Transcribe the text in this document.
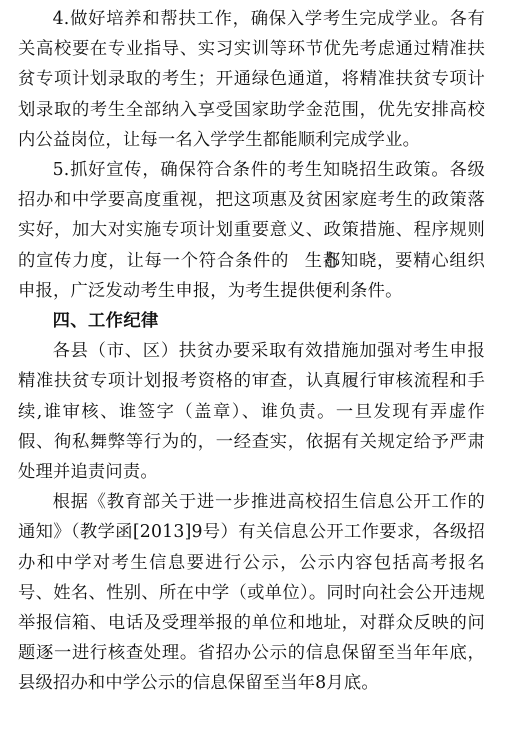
4.做好培养和帮扶工作，确保入学考生完成学业。各有关高校要在专业指导、实习实训等环节优先考虑通过精准扶贫专项计划录取的考生；开通绿色通道，将精准扶贫专项计划录取的考生全部纳入享受国家助学金范围，优先安排高校内公益岗位，让每一名入学学生都能顺利完成学业。

5.抓好宣传，确保符合条件的考生知晓招生政策。各级招办和中学要高度重视，把这项惠及贫困家庭考生的政策落实好，加大对实施专项计划重要意义、政策措施、程序规则的宣传力度，让每一个符合条件的 生都知晓，要精心组织申报，广泛发动考生申报，为考生提供便利条件。

四、工作纪律

各县（市、区）扶贫办要采取有效措施加强对考生申报精准扶贫专项计划报考资格的审查，认真履行审核流程和手续,谁审核、谁签字（盖章）、谁负责。一旦发现有弄虚作假、徇私舞弊等行为的，一经查实，依据有关规定给予严肃处理并追责问责。

根据《教育部关于进一步推进高校招生信息公开工作的通知》（教学函[2013]9号）有关信息公开工作要求，各级招办和中学对考生信息要进行公示，公示内容包括高考报名号、姓名、性别、所在中学（或单位）。同时向社会公开违规举报信箱、电话及受理举报的单位和地址，对群众反映的问题逐一进行核查处理。省招办公示的信息保留至当年年底，县级招办和中学公示的信息保留至当年8月底。
